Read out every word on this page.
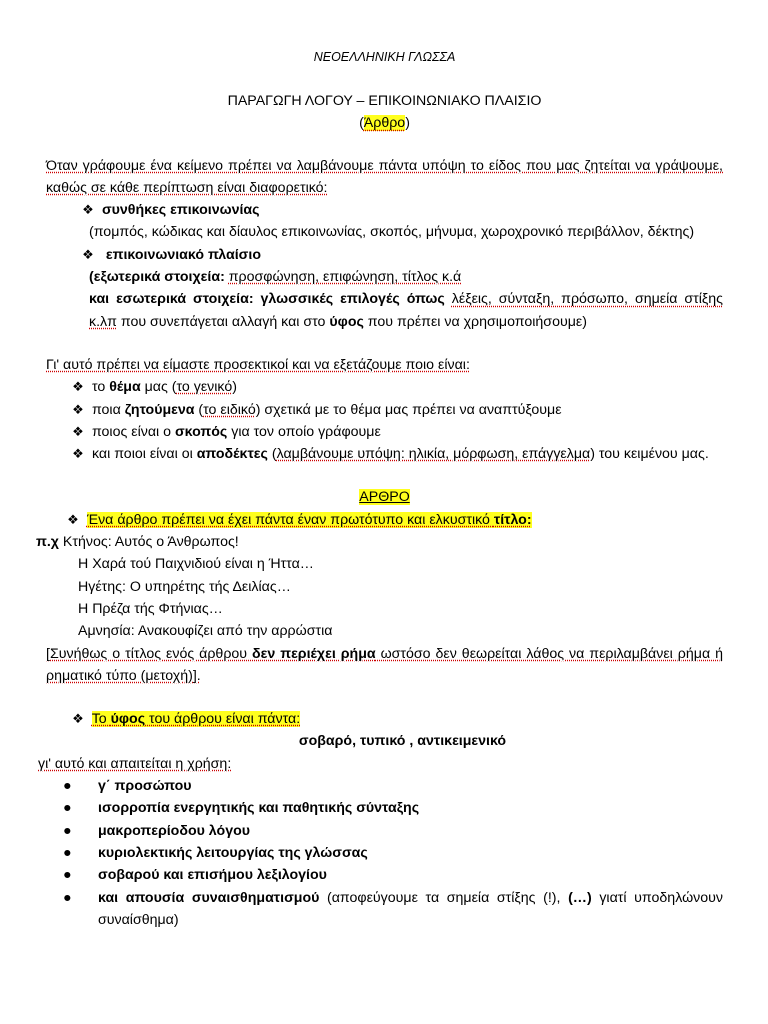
ΝΕΟΕΛΛΗΝΙΚΗ ΓΛΩΣΣΑ
ΠΑΡΑΓΩΓΗ ΛΟΓΟΥ – ΕΠΙΚΟΙΝΩΝΙΑΚΟ ΠΛΑΙΣΙΟ
(Άρθρο)
Όταν γράφουμε ένα κείμενο πρέπει να λαμβάνουμε πάντα υπόψη το είδος που μας ζητείται να γράψουμε, καθώς σε κάθε περίπτωση είναι διαφορετικό:
❖ συνθήκες επικοινωνίας
(πομπός, κώδικας και δίαυλος επικοινωνίας, σκοπός, μήνυμα, χωροχρονικό περιβάλλον, δέκτης)
❖ επικοινωνιακό πλαίσιο
(εξωτερικά στοιχεία: προσφώνηση, επιφώνηση, τίτλος κ.ά
και εσωτερικά στοιχεία: γλωσσικές επιλογές όπως λέξεις, σύνταξη, πρόσωπο, σημεία στίξης κ.λπ που συνεπάγεται αλλαγή και στο ύφος που πρέπει να χρησιμοποιήσουμε)
Γι' αυτό πρέπει να είμαστε προσεκτικοί και να εξετάζουμε ποιο είναι:
❖ το θέμα μας (το γενικό)
❖ ποια ζητούμενα (το ειδικό) σχετικά με το θέμα μας πρέπει να αναπτύξουμε
❖ ποιος είναι ο σκοπός για τον οποίο γράφουμε
❖ και ποιοι είναι οι αποδέκτες (λαμβάνουμε υπόψη: ηλικία, μόρφωση, επάγγελμα) του κειμένου μας.
ΑΡΘΡΟ
❖ Ένα άρθρο πρέπει να έχει πάντα έναν πρωτότυπο και ελκυστικό τίτλο:
π.χ Κτήνος: Αυτός ο Άνθρωπος!
Η Χαρά τού Παιχνιδιού είναι η Ήττα…
Ηγέτης: Ο υπηρέτης τής Δειλίας…
Η Πρέζα τής Φτήνιας…
Αμνησία: Ανακουφίζει από την αρρώστια
[Συνήθως ο τίτλος ενός άρθρου δεν περιέχει ρήμα ωστόσο δεν θεωρείται λάθος να περιλαμβάνει ρήμα ή ρηματικό τύπο (μετοχή)].
❖ Το ύφος του άρθρου είναι πάντα:
σοβαρό, τυπικό , αντικειμενικό
γι' αυτό και απαιτείται η χρήση:
●	γ΄ προσώπου
●	ισορροπία ενεργητικής και παθητικής σύνταξης
●	μακροπερίοδου λόγου
●	κυριολεκτικής λειτουργίας της γλώσσας
●	σοβαρού και επισήμου λεξιλογίου
●	και απουσία συναισθηματισμού (αποφεύγουμε τα σημεία στίξης (!), (…) γιατί υποδηλώνουν συναίσθημα)
